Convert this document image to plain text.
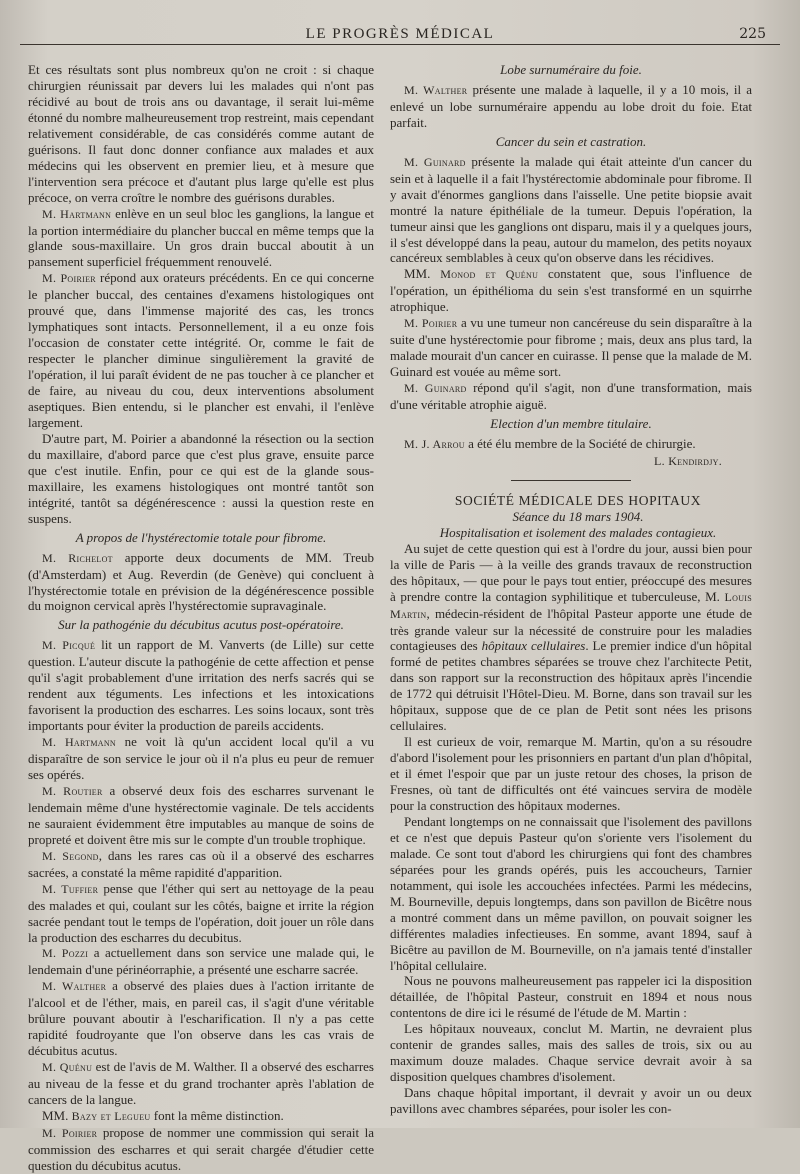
LE PROGRÈS MÉDICAL	225

Et ces résultats sont plus nombreux qu'on ne croit : si chaque chirurgien réunissait par devers lui les malades qui n'ont pas récidivé au bout de trois ans ou davantage, il serait lui-même étonné du nombre malheureusement trop restreint, mais cependant relativement considérable, de cas considérés comme autant de guérisons. Il faut donc donner confiance aux malades et aux médecins qui les observent en premier lieu, et à mesure que l'intervention sera précoce et d'autant plus large qu'elle est plus précoce, on verra croître le nombre des guérisons durables.

M. Hartmann enlève en un seul bloc les ganglions, la langue et la portion intermédiaire du plancher buccal en même temps que la glande sous-maxillaire. Un gros drain buccal aboutit à un pansement superficiel fréquemment renouvelé.

M. Poirier répond aux orateurs précédents. En ce qui concerne le plancher buccal, des centaines d'examens histologiques ont prouvé que, dans l'immense majorité des cas, les troncs lymphatiques sont intacts. Personnellement, il a eu onze fois l'occasion de constater cette intégrité. Or, comme le fait de respecter le plancher diminue singulièrement la gravité de l'opération, il lui paraît évident de ne pas toucher à ce plancher et de faire, au niveau du cou, deux interventions absolument aseptiques. Bien entendu, si le plancher est envahi, il l'enlève largement.

D'autre part, M. Poirier a abandonné la résection ou la section du maxillaire, d'abord parce que c'est plus grave, ensuite parce que c'est inutile. Enfin, pour ce qui est de la glande sous-maxillaire, les examens histologiques ont montré tantôt son intégrité, tantôt sa dégénérescence : aussi la question reste en suspens.

A propos de l'hystérectomie totale pour fibrome.

M. Richelot apporte deux documents de MM. Treub (d'Amsterdam) et Aug. Reverdin (de Genève) qui concluent à l'hystérectomie totale en prévision de la dégénérescence possible du moignon cervical après l'hystérectomie supravaginale.

Sur la pathogénie du décubitus acutus post-opératoire.

M. Picqué lit un rapport de M. Vanverts (de Lille) sur cette question. L'auteur discute la pathogénie de cette affection et pense qu'il s'agit probablement d'une irritation des nerfs sacrés qui se rendent aux téguments. Les infections et les intoxications favorisent la production des escharres. Les soins locaux, sont très importants pour éviter la production de pareils accidents.

M. Hartmann ne voit là qu'un accident local qu'il a vu disparaître de son service le jour où il n'a plus eu peur de remuer ses opérés.

M. Routier a observé deux fois des escharres survenant le lendemain même d'une hystérectomie vaginale. De tels accidents ne sauraient évidemment être imputables au manque de soins de propreté et doivent être mis sur le compte d'un trouble trophique.

M. Segond, dans les rares cas où il a observé des escharres sacrées, a constaté la même rapidité d'apparition.

M. Tuffier pense que l'éther qui sert au nettoyage de la peau des malades et qui, coulant sur les côtés, baigne et irrite la région sacrée pendant tout le temps de l'opération, doit jouer un rôle dans la production des escharres du decubitus.

M. Pozzi a actuellement dans son service une malade qui, le lendemain d'une périnéorraphie, a présenté une escharre sacrée.

M. Walther a observé des plaies dues à l'action irritante de l'alcool et de l'éther, mais, en pareil cas, il s'agit d'une véritable brûlure pouvant aboutir à l'escharification. Il n'y a pas cette rapidité foudroyante que l'on observe dans les cas vrais de décubitus acutus.

M. Quénu est de l'avis de M. Walther. Il a observé des escharres au niveau de la fesse et du grand trochanter après l'ablation de cancers de la langue.

MM. Bazy et Legueu font la même distinction.

M. Poirier propose de nommer une commission qui serait la commission des escharres et qui serait chargée d'étudier cette question du décubitus acutus.

Lobe surnuméraire du foie.

M. Walther présente une malade à laquelle, il y a 10 mois, il a enlevé un lobe surnuméraire appendu au lobe droit du foie. Etat parfait.

Cancer du sein et castration.

M. Guinard présente la malade qui était atteinte d'un cancer du sein et à laquelle il a fait l'hystérectomie abdominale pour fibrome. Il y avait d'énormes ganglions dans l'aisselle. Une petite biopsie avait montré la nature épithéliale de la tumeur. Depuis l'opération, la tumeur ainsi que les ganglions ont disparu, mais il y a quelques jours, il s'est développé dans la peau, autour du mamelon, des petits noyaux cancéreux semblables à ceux qu'on observe dans les récidives.

MM. Monod et Quénu constatent que, sous l'influence de l'opération, un épithélioma du sein s'est transformé en un squirrhe atrophique.

M. Poirier a vu une tumeur non cancéreuse du sein disparaître à la suite d'une hystérectomie pour fibrome ; mais, deux ans plus tard, la malade mourait d'un cancer en cuirasse. Il pense que la malade de M. Guinard est vouée au même sort.

M. Guinard répond qu'il s'agit, non d'une transformation, mais d'une véritable atrophie aiguë.

Election d'un membre titulaire.

M. J. Arrou a été élu membre de la Société de chirurgie.

L. Kendirdjy.

SOCIÉTÉ MÉDICALE DES HOPITAUX

Séance du 18 mars 1904.

Hospitalisation et isolement des malades contagieux.

Au sujet de cette question qui est à l'ordre du jour, aussi bien pour la ville de Paris — à la veille des grands travaux de reconstruction des hôpitaux, — que pour le pays tout entier, préoccupé des mesures à prendre contre la contagion syphilitique et tuberculeuse, M. Louis Martin, médecin-résident de l'hôpital Pasteur apporte une étude de très grande valeur sur la nécessité de construire pour les maladies contagieuses des hôpitaux cellulaires. Le premier indice d'un hôpital formé de petites chambres séparées se trouve chez l'architecte Petit, dans son rapport sur la reconstruction des hôpitaux après l'incendie de 1772 qui détruisit l'Hôtel-Dieu. M. Borne, dans son travail sur les hôpitaux, suppose que de ce plan de Petit sont nées les prisons cellulaires.

Il est curieux de voir, remarque M. Martin, qu'on a su résoudre d'abord l'isolement pour les prisonniers en partant d'un plan d'hôpital, et il émet l'espoir que par un juste retour des choses, la prison de Fresnes, où tant de difficultés ont été vaincues servira de modèle pour la construction des hôpitaux modernes.

Pendant longtemps on ne connaissait que l'isolement des pavillons et ce n'est que depuis Pasteur qu'on s'oriente vers l'isolement du malade. Ce sont tout d'abord les chirurgiens qui font des chambres séparées pour les grands opérés, puis les accoucheurs, Tarnier notamment, qui isole les accouchées infectées. Parmi les médecins, M. Bourneville, depuis longtemps, dans son pavillon de Bicêtre nous a montré comment dans un même pavillon, on pouvait soigner les différentes maladies infectieuses. En somme, avant 1894, sauf à Bicêtre au pavillon de M. Bourneville, on n'a jamais tenté d'installer l'hôpital cellulaire.

Nous ne pouvons malheureusement pas rappeler ici la disposition détaillée, de l'hôpital Pasteur, construit en 1894 et nous nous contentons de dire ici le résumé de l'étude de M. Martin :

Les hôpitaux nouveaux, conclut M. Martin, ne devraient plus contenir de grandes salles, mais des salles de trois, six ou au maximum douze malades. Chaque service devrait avoir à sa disposition quelques chambres d'isolement.

Dans chaque hôpital important, il devrait y avoir un ou deux pavillons avec chambres séparées, pour isoler les con-
